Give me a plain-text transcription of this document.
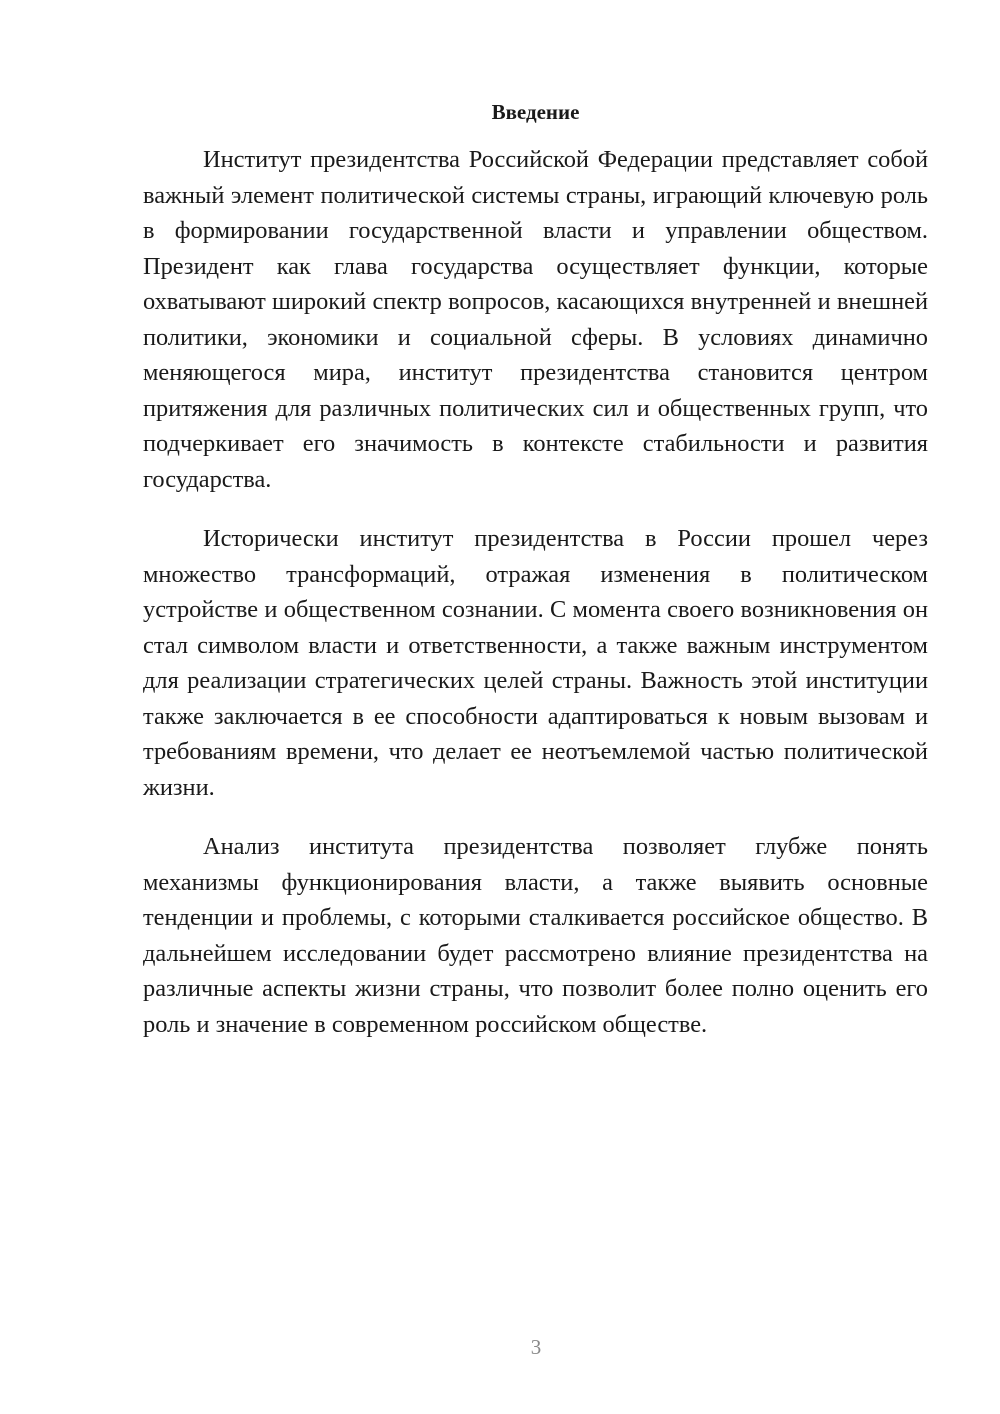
Введение

Институт президентства Российской Федерации представляет собой важный элемент политической системы страны, играющий ключевую роль в формировании государственной власти и управлении обществом. Президент как глава государства осуществляет функции, которые охватывают широкий спектр вопросов, касающихся внутренней и внешней политики, экономики и социальной сферы. В условиях динамично меняющегося мира, институт президентства становится центром притяжения для различных политических сил и общественных групп, что подчеркивает его значимость в контексте стабильности и развития государства.

Исторически институт президентства в России прошел через множество трансформаций, отражая изменения в политическом устройстве и общественном сознании. С момента своего возникновения он стал символом власти и ответственности, а также важным инструментом для реализации стратегических целей страны. Важность этой институции также заключается в ее способности адаптироваться к новым вызовам и требованиям времени, что делает ее неотъемлемой частью политической жизни.

Анализ института президентства позволяет глубже понять механизмы функционирования власти, а также выявить основные тенденции и проблемы, с которыми сталкивается российское общество. В дальнейшем исследовании будет рассмотрено влияние президентства на различные аспекты жизни страны, что позволит более полно оценить его роль и значение в современном российском обществе.

3
